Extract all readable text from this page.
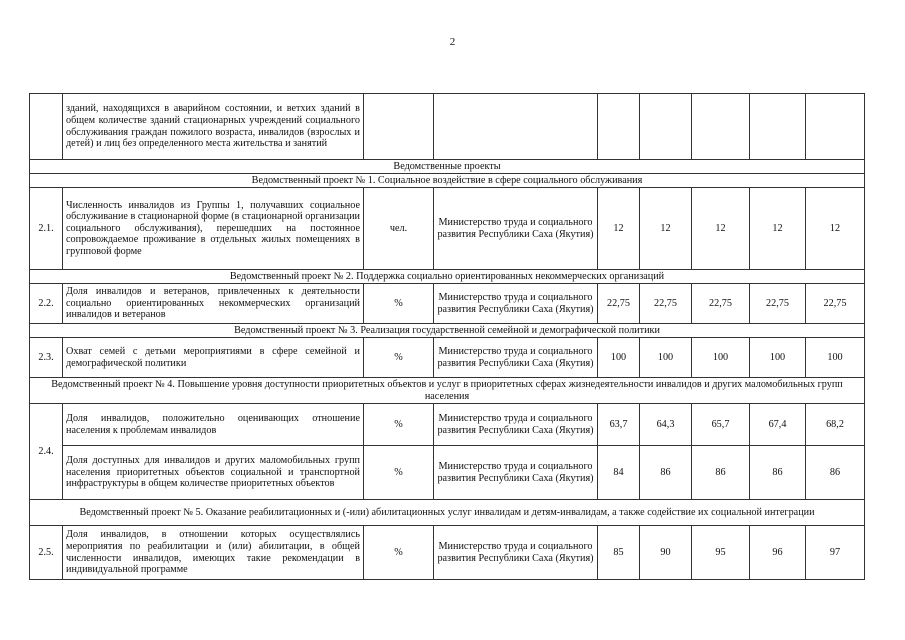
2
	зданий, находящихся в аварийном состоянии, и ветхих зданий в общем количестве зданий стационарных учреждений социального обслуживания граждан пожилого возраста, инвалидов (взрослых и детей) и лиц без определенного места жительства и занятий							
Ведомственные проекты								
Ведомственный проект № 1. Социальное воздействие в сфере социального обслуживания								
2.1.	Численность инвалидов из Группы 1, получавших социальное обслуживание в стационарной форме (в стационарной организации социального обслуживания), перешедших на постоянное сопровождаемое проживание в отдельных жилых помещениях в групповой форме	чел.	Министерство труда и социального развития Республики Саха (Якутия)	12	12	12	12	12
Ведомственный проект № 2. Поддержка социально ориентированных некоммерческих организаций								
2.2.	Доля инвалидов и ветеранов, привлеченных к деятельности социально ориентированных некоммерческих организаций инвалидов и ветеранов	%	Министерство труда и социального развития Республики Саха (Якутия)	22,75	22,75	22,75	22,75	22,75
Ведомственный проект № 3. Реализация государственной семейной и демографической политики								
2.3.	Охват семей с детьми мероприятиями в сфере семейной и демографической политики	%	Министерство труда и социального развития Республики Саха (Якутия)	100	100	100	100	100
Ведомственный проект № 4. Повышение уровня доступности приоритетных объектов и услуг в приоритетных сферах жизнедеятельности инвалидов и других маломобильных групп населения								
2.4.	Доля инвалидов, положительно оценивающих отношение населения к проблемам инвалидов	%	Министерство труда и социального развития Республики Саха (Якутия)	63,7	64,3	65,7	67,4	68,2
	Доля доступных для инвалидов и других маломобильных групп населения приоритетных объектов социальной и транспортной инфраструктуры в общем количестве приоритетных объектов	%	Министерство труда и социального развития Республики Саха (Якутия)	84	86	86	86	86
Ведомственный проект № 5. Оказание реабилитационных и (-или) абилитационных услуг инвалидам и детям-инвалидам, а также содействие их социальной интеграции								
2.5.	Доля инвалидов, в отношении которых осуществлялись мероприятия по реабилитации и (или) абилитации, в общей численности инвалидов, имеющих такие рекомендации в индивидуальной программе	%	Министерство труда и социального развития Республики Саха (Якутия)	85	90	95	96	97
